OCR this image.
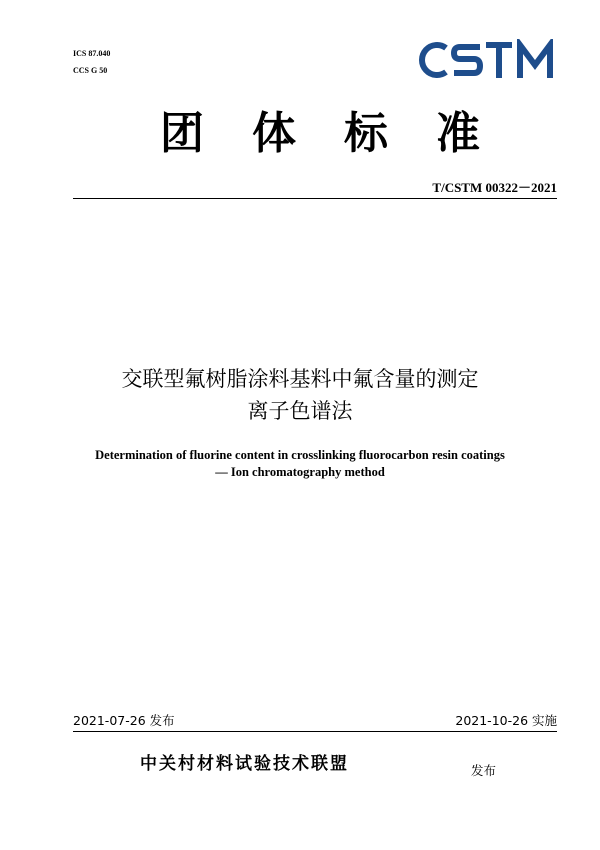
ICS 87.040
CCS G 50
CSTM
团 体 标 准
T/CSTM 00322－2021
交联型氟树脂涂料基料中氟含量的测定
离子色谱法
Determination of fluorine content in crosslinking fluorocarbon resin coatings
— Ion chromatography method
2021-07-26 发布	2021-10-26 实施
中关村材料试验技术联盟	发布
